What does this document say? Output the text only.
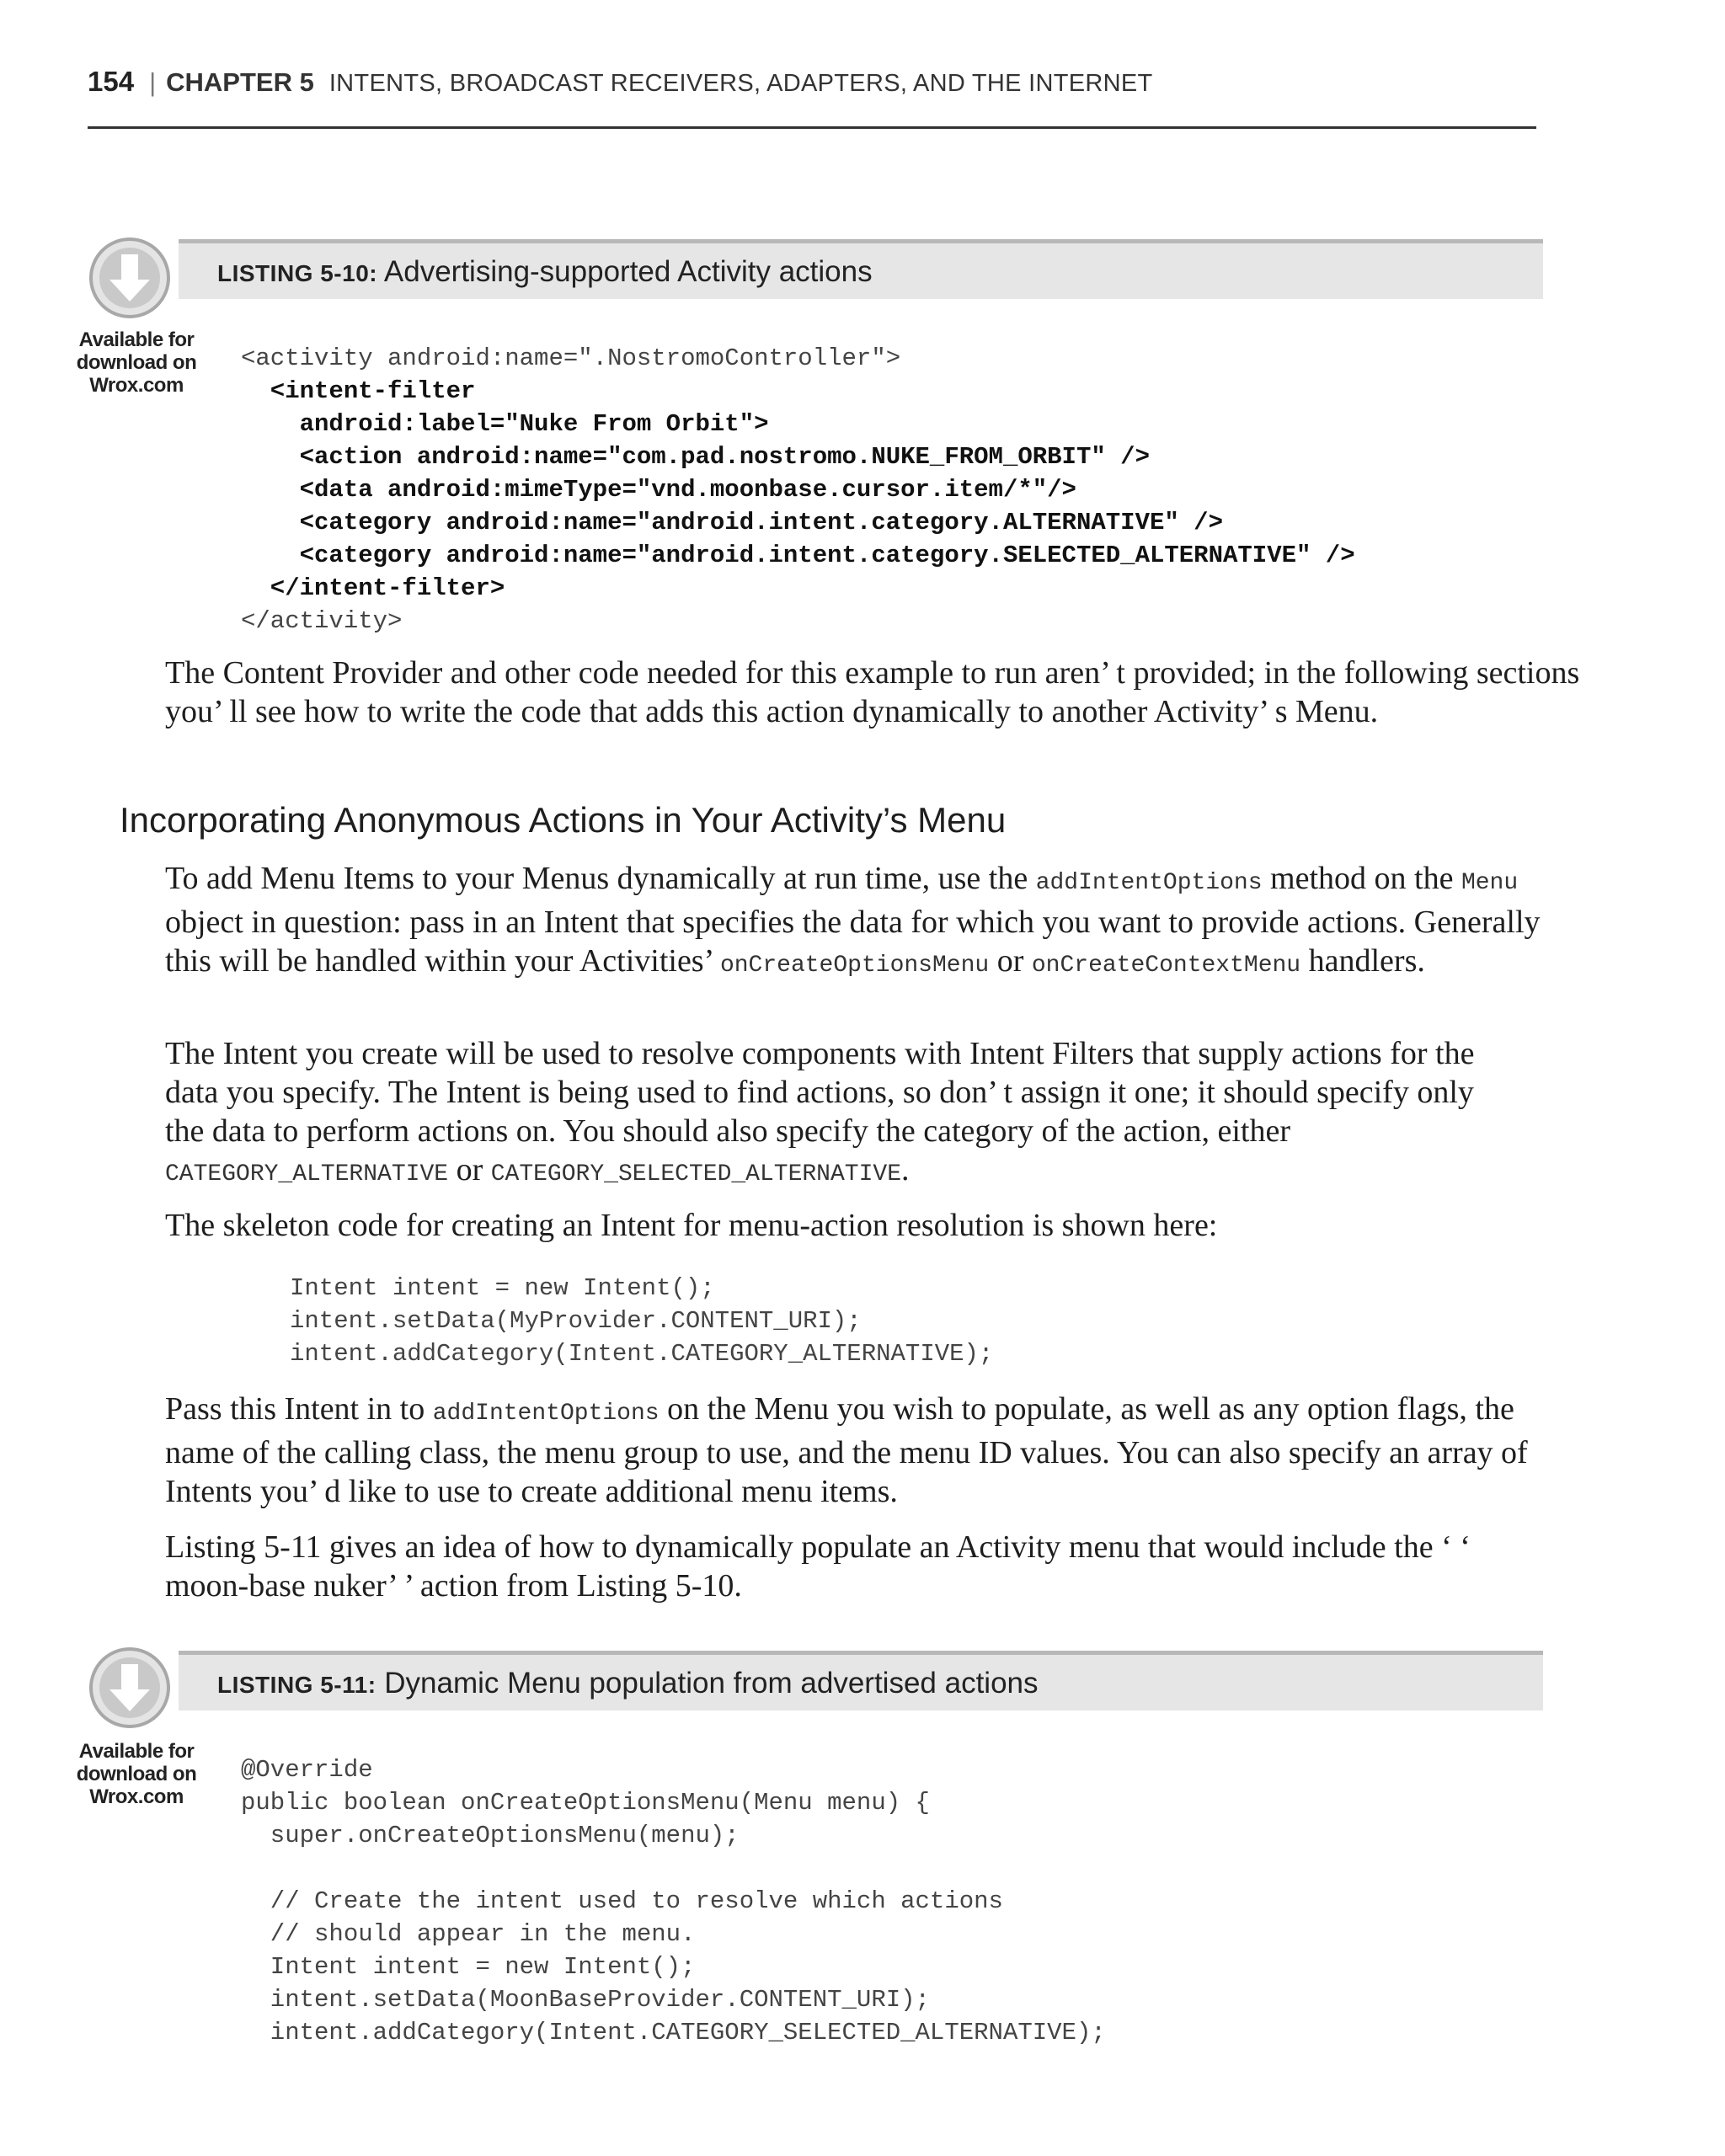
154 | CHAPTER 5 INTENTS, BROADCAST RECEIVERS, ADAPTERS, AND THE INTERNET
LISTING 5-10: Advertising-supported Activity actions
Available for
download on
Wrox.com
<activity android:name=".NostromoController">
<intent-filter
android:label="Nuke From Orbit">
<action android:name="com.pad.nostromo.NUKE_FROM_ORBIT" />
<data android:mimeType="vnd.moonbase.cursor.item/*"/>
<category android:name="android.intent.category.ALTERNATIVE" />
<category android:name="android.intent.category.SELECTED_ALTERNATIVE" />
</intent-filter>
</activity>
The Content Provider and other code needed for this example to run aren’ t provided; in the following sections you’ ll see how to write the code that adds this action dynamically to another Activity’ s Menu.
Incorporating Anonymous Actions in Your Activity’s Menu
To add Menu Items to your Menus dynamically at run time, use the addIntentOptions method on the Menu object in question: pass in an Intent that specifies the data for which you want to provide actions. Generally this will be handled within your Activities’ onCreateOptionsMenu or onCreateContextMenu handlers.
The Intent you create will be used to resolve components with Intent Filters that supply actions for the data you specify. The Intent is being used to find actions, so don’ t assign it one; it should specify only the data to perform actions on. You should also specify the category of the action, either CATEGORY_ALTERNATIVE or CATEGORY_SELECTED_ALTERNATIVE.
The skeleton code for creating an Intent for menu-action resolution is shown here:
Intent intent = new Intent();
intent.setData(MyProvider.CONTENT_URI);
intent.addCategory(Intent.CATEGORY_ALTERNATIVE);
Pass this Intent in to addIntentOptions on the Menu you wish to populate, as well as any option flags, the name of the calling class, the menu group to use, and the menu ID values. You can also specify an array of Intents you’ d like to use to create additional menu items.
Listing 5-11 gives an idea of how to dynamically populate an Activity menu that would include the ‘ ‘ moon-base nuker’ ’ action from Listing 5-10.
LISTING 5-11: Dynamic Menu population from advertised actions
Available for
download on
Wrox.com
@Override
public boolean onCreateOptionsMenu(Menu menu) {
super.onCreateOptionsMenu(menu);

// Create the intent used to resolve which actions
// should appear in the menu.
Intent intent = new Intent();
intent.setData(MoonBaseProvider.CONTENT_URI);
intent.addCategory(Intent.CATEGORY_SELECTED_ALTERNATIVE);
